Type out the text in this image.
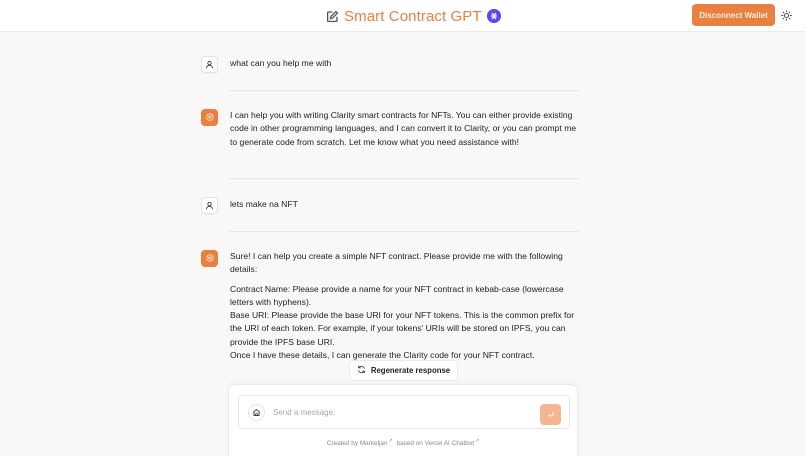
Smart Contract GPT	Disconnect Wallet

what can you help me with

I can help you with writing Clarity smart contracts for NFTs. You can either provide existing code in other programming languages, and I can convert it to Clarity, or you can prompt me to generate code from scratch. Let me know what you need assistance with!

lets make na NFT

Sure! I can help you create a simple NFT contract. Please provide me with the following details:

Contract Name: Please provide a name for your NFT contract in kebab-case (lowercase letters with hyphens).

Base URI: Please provide the base URI for your NFT tokens. This is the common prefix for the URI of each token. For example, if your tokens' URIs will be stored on IPFS, you can provide the IPFS base URI.

Once I have these details, I can generate the Clarity code for your NFT contract.

Regenerate response
Send a message.
Created by Markeljan↗ based on Vercel AI Chatbot↗
